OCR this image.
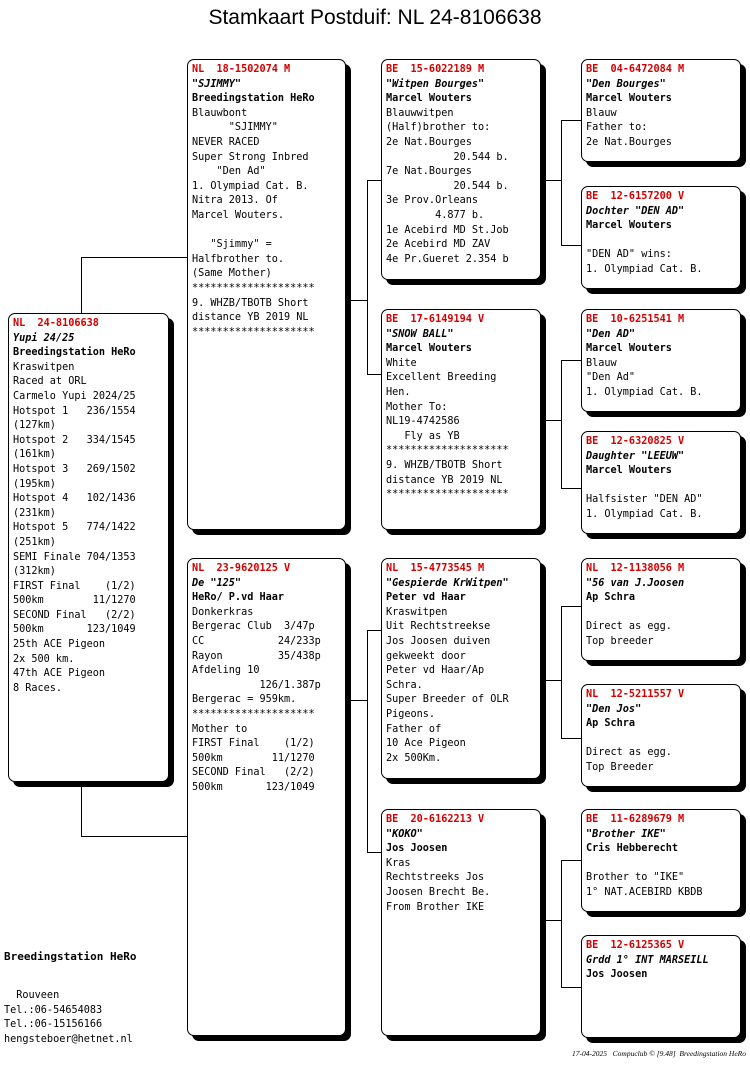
Stamkaart Postduif: NL 24-8106638
NL  24-8106638
Yupi 24/25
Breedingstation HeRo
Kraswitpen
Raced at ORL
Carmelo Yupi 2024/25
Hotspot 1   236/1554
(127km)
Hotspot 2   334/1545
(161km)
Hotspot 3   269/1502
(195km)
Hotspot 4   102/1436
(231km)
Hotspot 5   774/1422
(251km)
SEMI Finale 704/1353
(312km)
FIRST Final    (1/2)
500km        11/1270
SECOND Final   (2/2)
500km       123/1049
25th ACE Pigeon
2x 500 km.
47th ACE Pigeon
8 Races.
NL  18-1502074 M
"SJIMMY"
Breedingstation HeRo
Blauwbont
"SJIMMY"
NEVER RACED
Super Strong Inbred
"Den Ad"
1. Olympiad Cat. B.
Nitra 2013. Of
Marcel Wouters.

"Sjimmy" =
Halfbrother to.
(Same Mother)
********************
9. WHZB/TBOTB Short
distance YB 2019 NL
********************
NL  23-9620125 V
De "125"
HeRo/ P.vd Haar
Donkerkras
Bergerac Club  3/47p
CC            24/233p
Rayon         35/438p
Afdeling 10
126/1.387p
Bergerac = 959km.
********************
Mother to
FIRST Final    (1/2)
500km        11/1270
SECOND Final   (2/2)
500km       123/1049
BE  15-6022189 M
"Witpen Bourges"
Marcel Wouters
Blauwwitpen
(Half)brother to:
2e Nat.Bourges
20.544 b.
7e Nat.Bourges
20.544 b.
3e Prov.Orleans
4.877 b.
1e Acebird MD St.Job
2e Acebird MD ZAV
4e Pr.Gueret 2.354 b
BE  17-6149194 V
"SNOW BALL"
Marcel Wouters
White
Excellent Breeding
Hen.
Mother To:
NL19-4742586
Fly as YB
********************
9. WHZB/TBOTB Short
distance YB 2019 NL
********************
NL  15-4773545 M
"Gespierde KrWitpen"
Peter vd Haar
Kraswitpen
Uit Rechtstreekse
Jos Joosen duiven
gekweekt door
Peter vd Haar/Ap
Schra.
Super Breeder of OLR
Pigeons.
Father of
10 Ace Pigeon
2x 500Km.
BE  20-6162213 V
"KOKO"
Jos Joosen
Kras
Rechtstreeks Jos
Joosen Brecht Be.
From Brother IKE
BE  04-6472084 M
"Den Bourges"
Marcel Wouters
Blauw
Father to:
2e Nat.Bourges
BE  12-6157200 V
Dochter "DEN AD"
Marcel Wouters

"DEN AD" wins:
1. Olympiad Cat. B.
BE  10-6251541 M
"Den AD"
Marcel Wouters
Blauw
"Den Ad"
1. Olympiad Cat. B.
BE  12-6320825 V
Daughter "LEEUW"
Marcel Wouters

Halfsister "DEN AD"
1. Olympiad Cat. B.
NL  12-1138056 M
"56 van J.Joosen
Ap Schra

Direct as egg.
Top breeder
NL  12-5211557 V
"Den Jos"
Ap Schra

Direct as egg.
Top Breeder
BE  11-6289679 M
"Brother IKE"
Cris Hebberecht

Brother to "IKE"
1° NAT.ACEBIRD KBDB
BE  12-6125365 V
Grdd 1° INT MARSEILL
Jos Joosen
Breedingstation HeRo
Rouveen
Tel.:06-54654083
Tel.:06-15156166
hengsteboer@hetnet.nl
17-04-2025   Compuclub © [9.48]  Breedingstation HeRo
